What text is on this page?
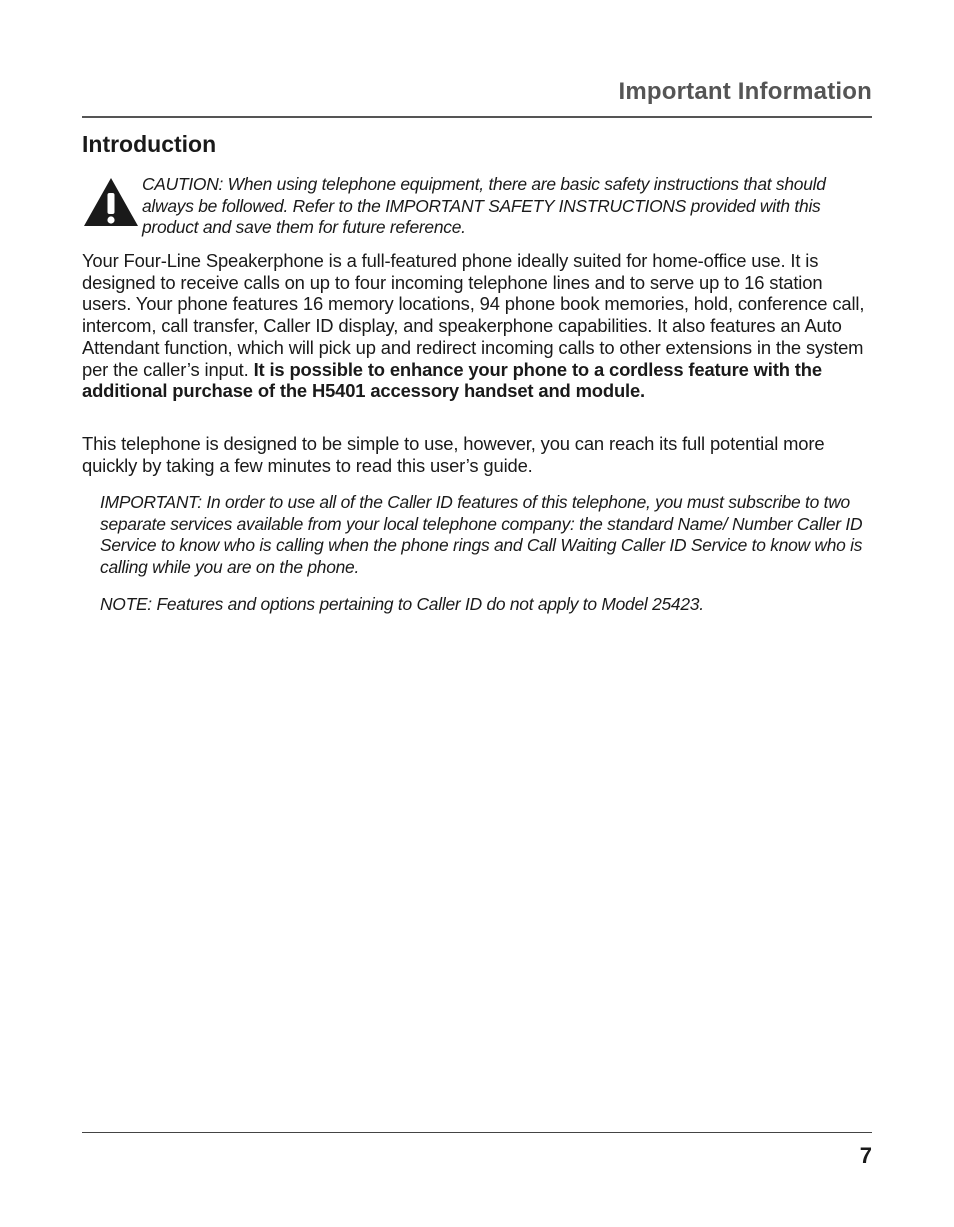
Important Information
Introduction
CAUTION: When using telephone equipment, there are basic safety instructions that should always be followed. Refer to the IMPORTANT SAFETY INSTRUCTIONS provided with this product and save them for future reference.
Your Four-Line Speakerphone is a full-featured phone ideally suited for home-office use. It is designed to receive calls on up to four incoming telephone lines and to serve up to 16 station users. Your phone features 16 memory locations, 94 phone book memories, hold, conference call, intercom, call transfer, Caller ID display, and speakerphone capabilities. It also features an Auto Attendant function, which will pick up and redirect incoming calls to other extensions in the system per the caller’s input. It is possible to enhance your phone to a cordless feature with the additional purchase of the H5401 accessory handset and module.
This telephone is designed to be simple to use, however, you can reach its full potential more quickly by taking a few minutes to read this user’s guide.
IMPORTANT: In order to use all of the Caller ID features of this telephone, you must subscribe to two separate services available from your local telephone company: the standard Name/ Number Caller ID Service to know who is calling when the phone rings and Call Waiting Caller ID Service to know who is calling while you are on the phone.
NOTE: Features and options pertaining to Caller ID do not apply to Model 25423.
7
